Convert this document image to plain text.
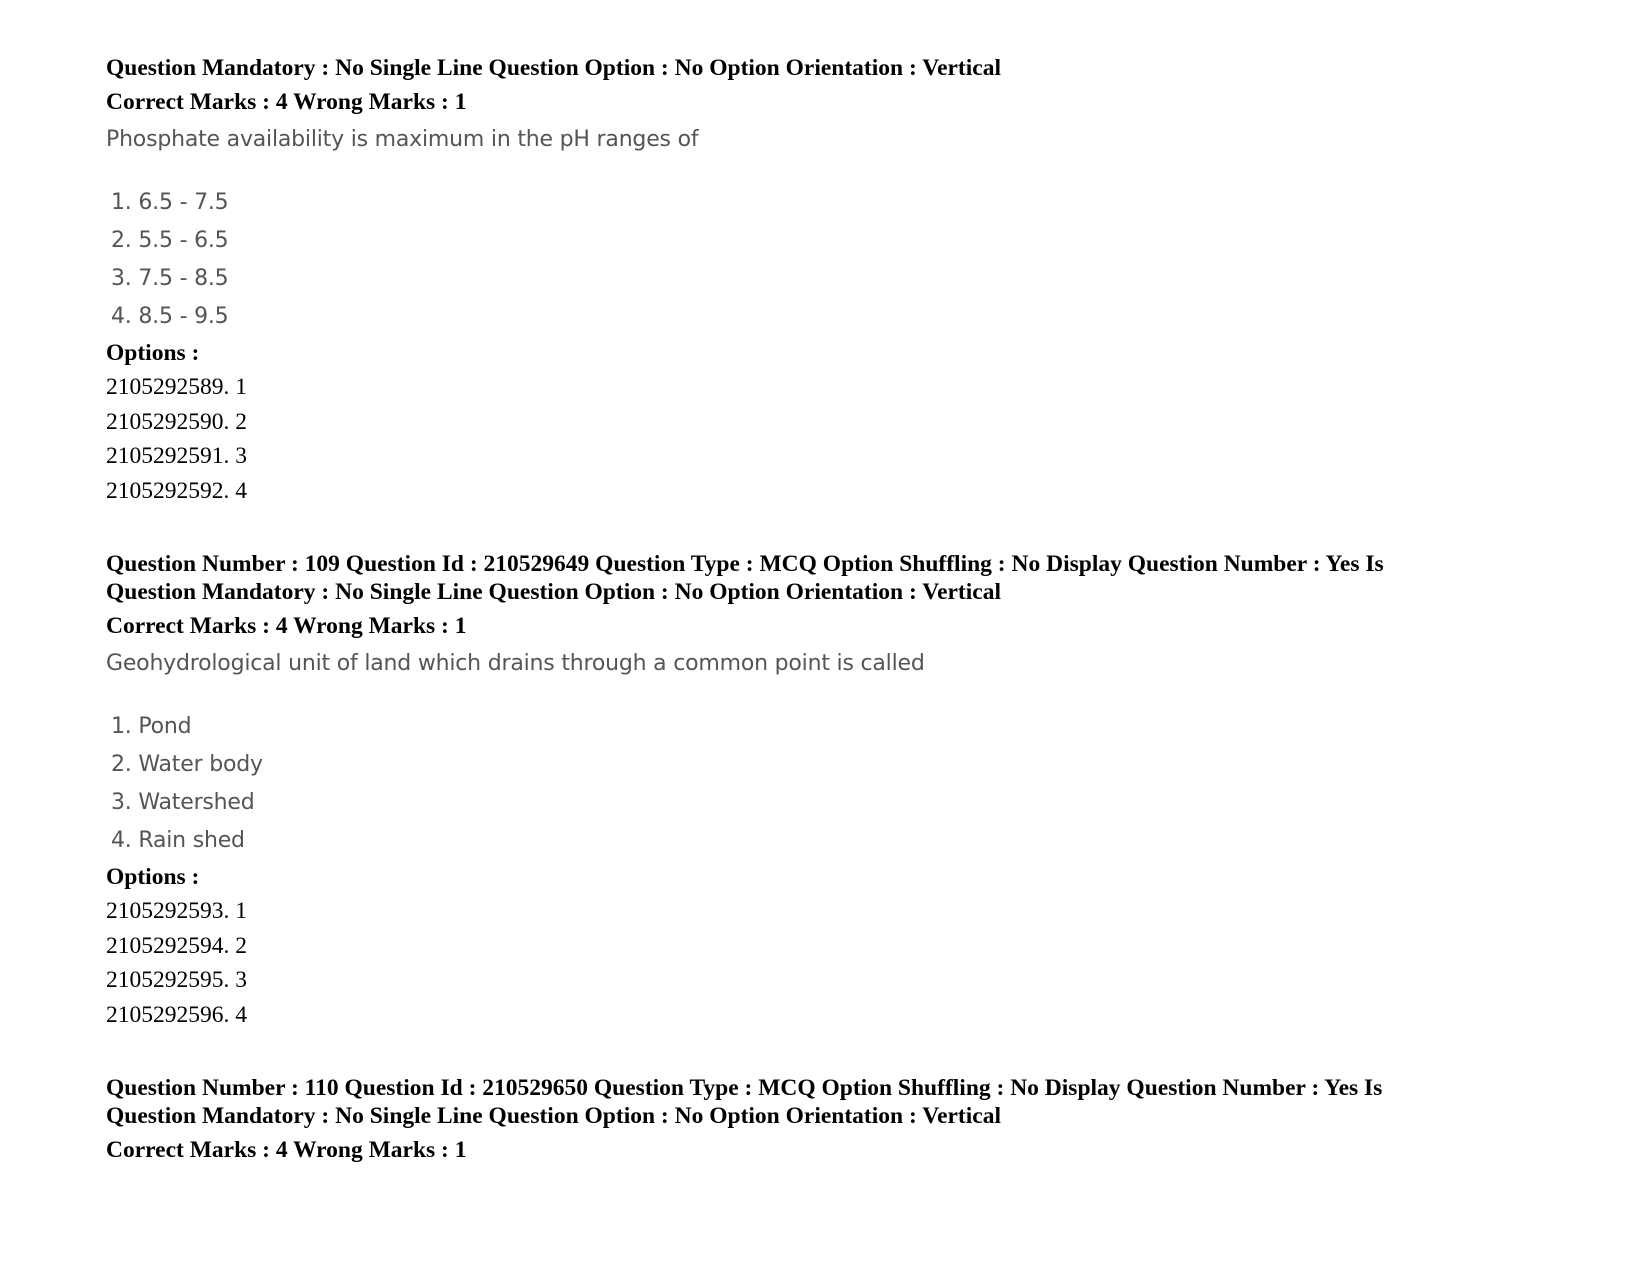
Question Mandatory : No Single Line Question Option : No Option Orientation : Vertical
Correct Marks : 4 Wrong Marks : 1
Phosphate availability is maximum in the pH ranges of
1. 6.5 - 7.5
2. 5.5 - 6.5
3. 7.5 - 8.5
4. 8.5 - 9.5
Options :
2105292589. 1
2105292590. 2
2105292591. 3
2105292592. 4
Question Number : 109 Question Id : 210529649 Question Type : MCQ Option Shuffling : No Display Question Number : Yes Is
Question Mandatory : No Single Line Question Option : No Option Orientation : Vertical
Correct Marks : 4 Wrong Marks : 1
Geohydrological unit of land which drains through a common point is called
1. Pond
2. Water body
3. Watershed
4. Rain shed
Options :
2105292593. 1
2105292594. 2
2105292595. 3
2105292596. 4
Question Number : 110 Question Id : 210529650 Question Type : MCQ Option Shuffling : No Display Question Number : Yes Is
Question Mandatory : No Single Line Question Option : No Option Orientation : Vertical
Correct Marks : 4 Wrong Marks : 1
